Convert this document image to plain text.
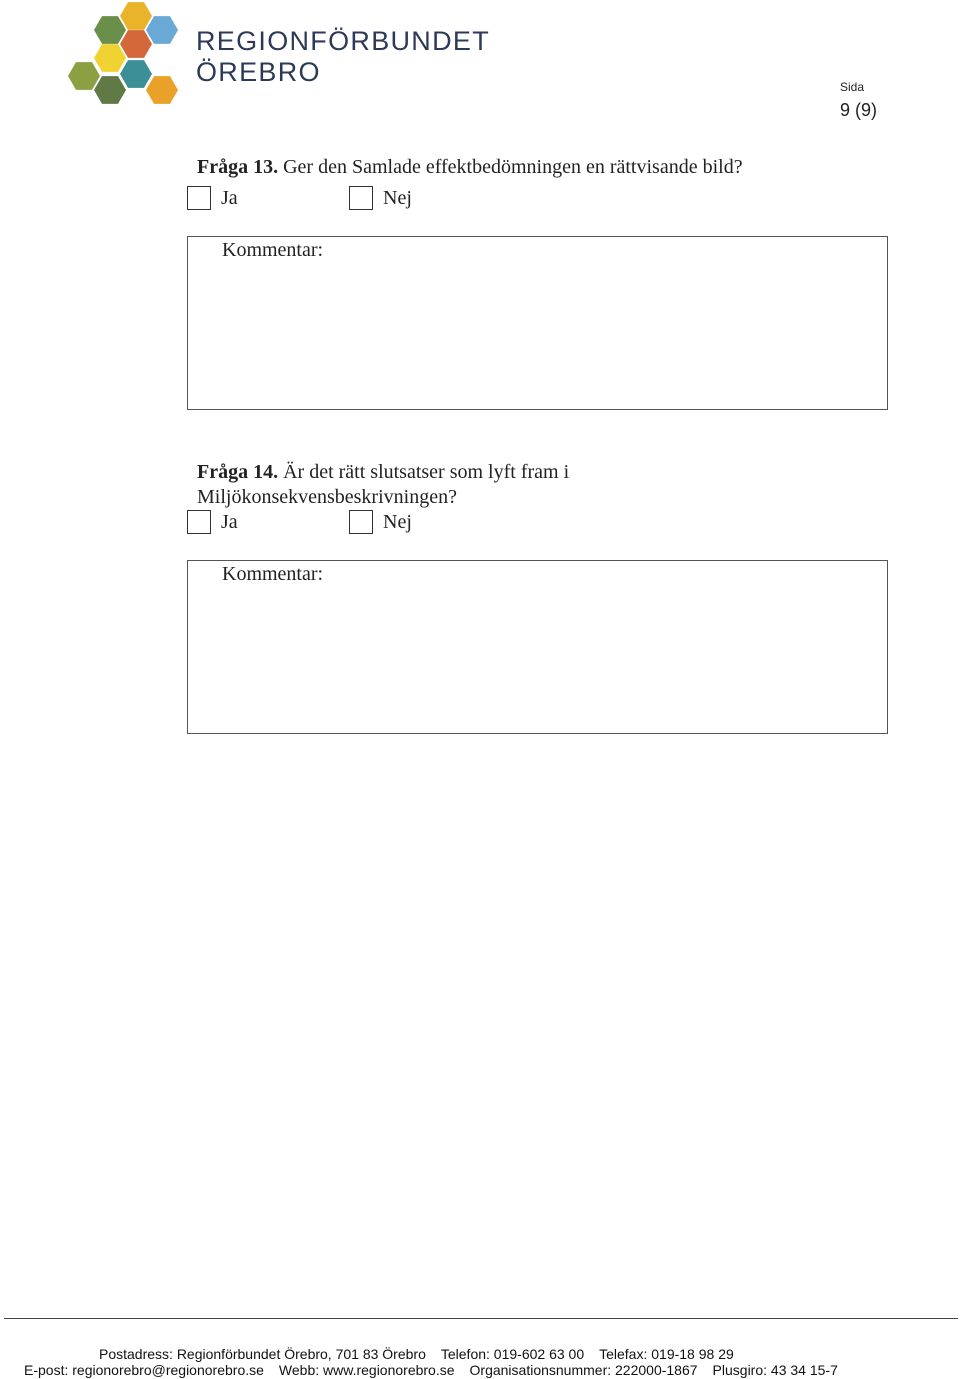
REGIONFÖRBUNDET
ÖREBRO	Sida
9 (9)
Fråga 13. Ger den Samlade effektbedömningen en rättvisande bild?
Ja	Nej
Kommentar:
Fråga 14. Är det rätt slutsatser som lyft fram i Miljökonsekvensbeskrivningen?
Ja	Nej
Kommentar:
Postadress: Regionförbundet Örebro, 701 83 Örebro Telefon: 019-602 63 00 Telefax: 019-18 98 29
E-post: regionorebro@regionorebro.se Webb: www.regionorebro.se Organisationsnummer: 222000-1867 Plusgiro: 43 34 15-7
